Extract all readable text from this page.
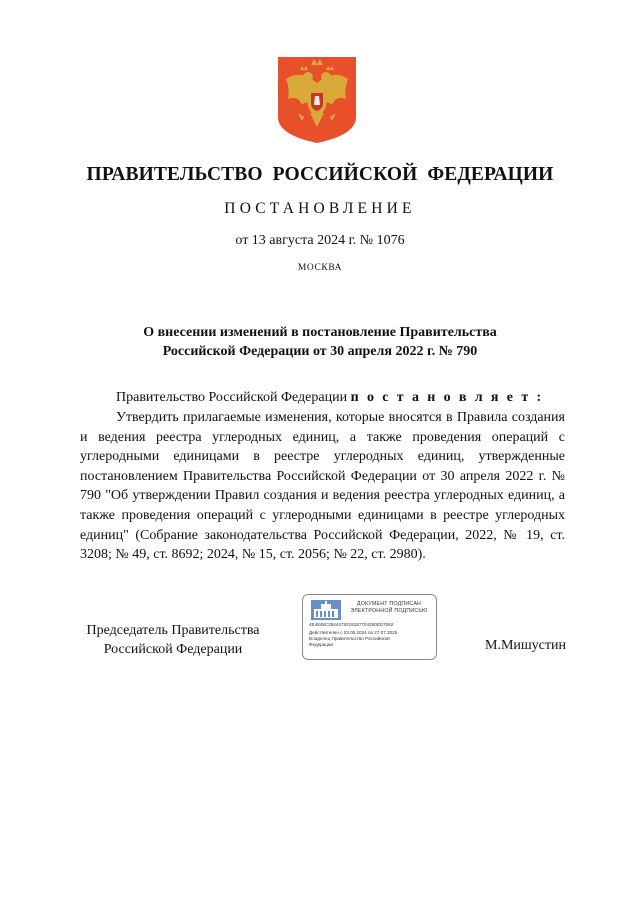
ПРАВИТЕЛЬСТВО РОССИЙСКОЙ ФЕДЕРАЦИИ
ПОСТАНОВЛЕНИЕ
от 13 августа 2024 г. № 1076
МОСКВА
О внесении изменений в постановление Правительства
Российской Федерации от 30 апреля 2022 г. № 790
Правительство Российской Федерации п о с т а н о в л я е т :
Утвердить прилагаемые изменения, которые вносятся в Правила создания и ведения реестра углеродных единиц, а также проведения операций с углеродными единицами в реестре углеродных единиц, утвержденные постановлением Правительства Российской Федерации от 30 апреля 2022 г. № 790 "Об утверждении Правил создания и ведения реестра углеродных единиц, а также проведения операций с углеродными единицами в реестре углеродных единиц" (Собрание законодательства Российской Федерации, 2022, № 19, ст. 3208; № 49, ст. 8692; 2024, № 15, ст. 2056; № 22, ст. 2980).
Председатель Правительства
Российской Федерации
ДОКУМЕНТ ПОДПИСАН
ЭЛЕКТРОННОЙ ПОДПИСЬЮ
4E4848C2844479319187704260ED7062
Действителен с 03.05.2024 по 27.07.2025
Владелец Правительство Российской
Федерации	М.Мишустин
